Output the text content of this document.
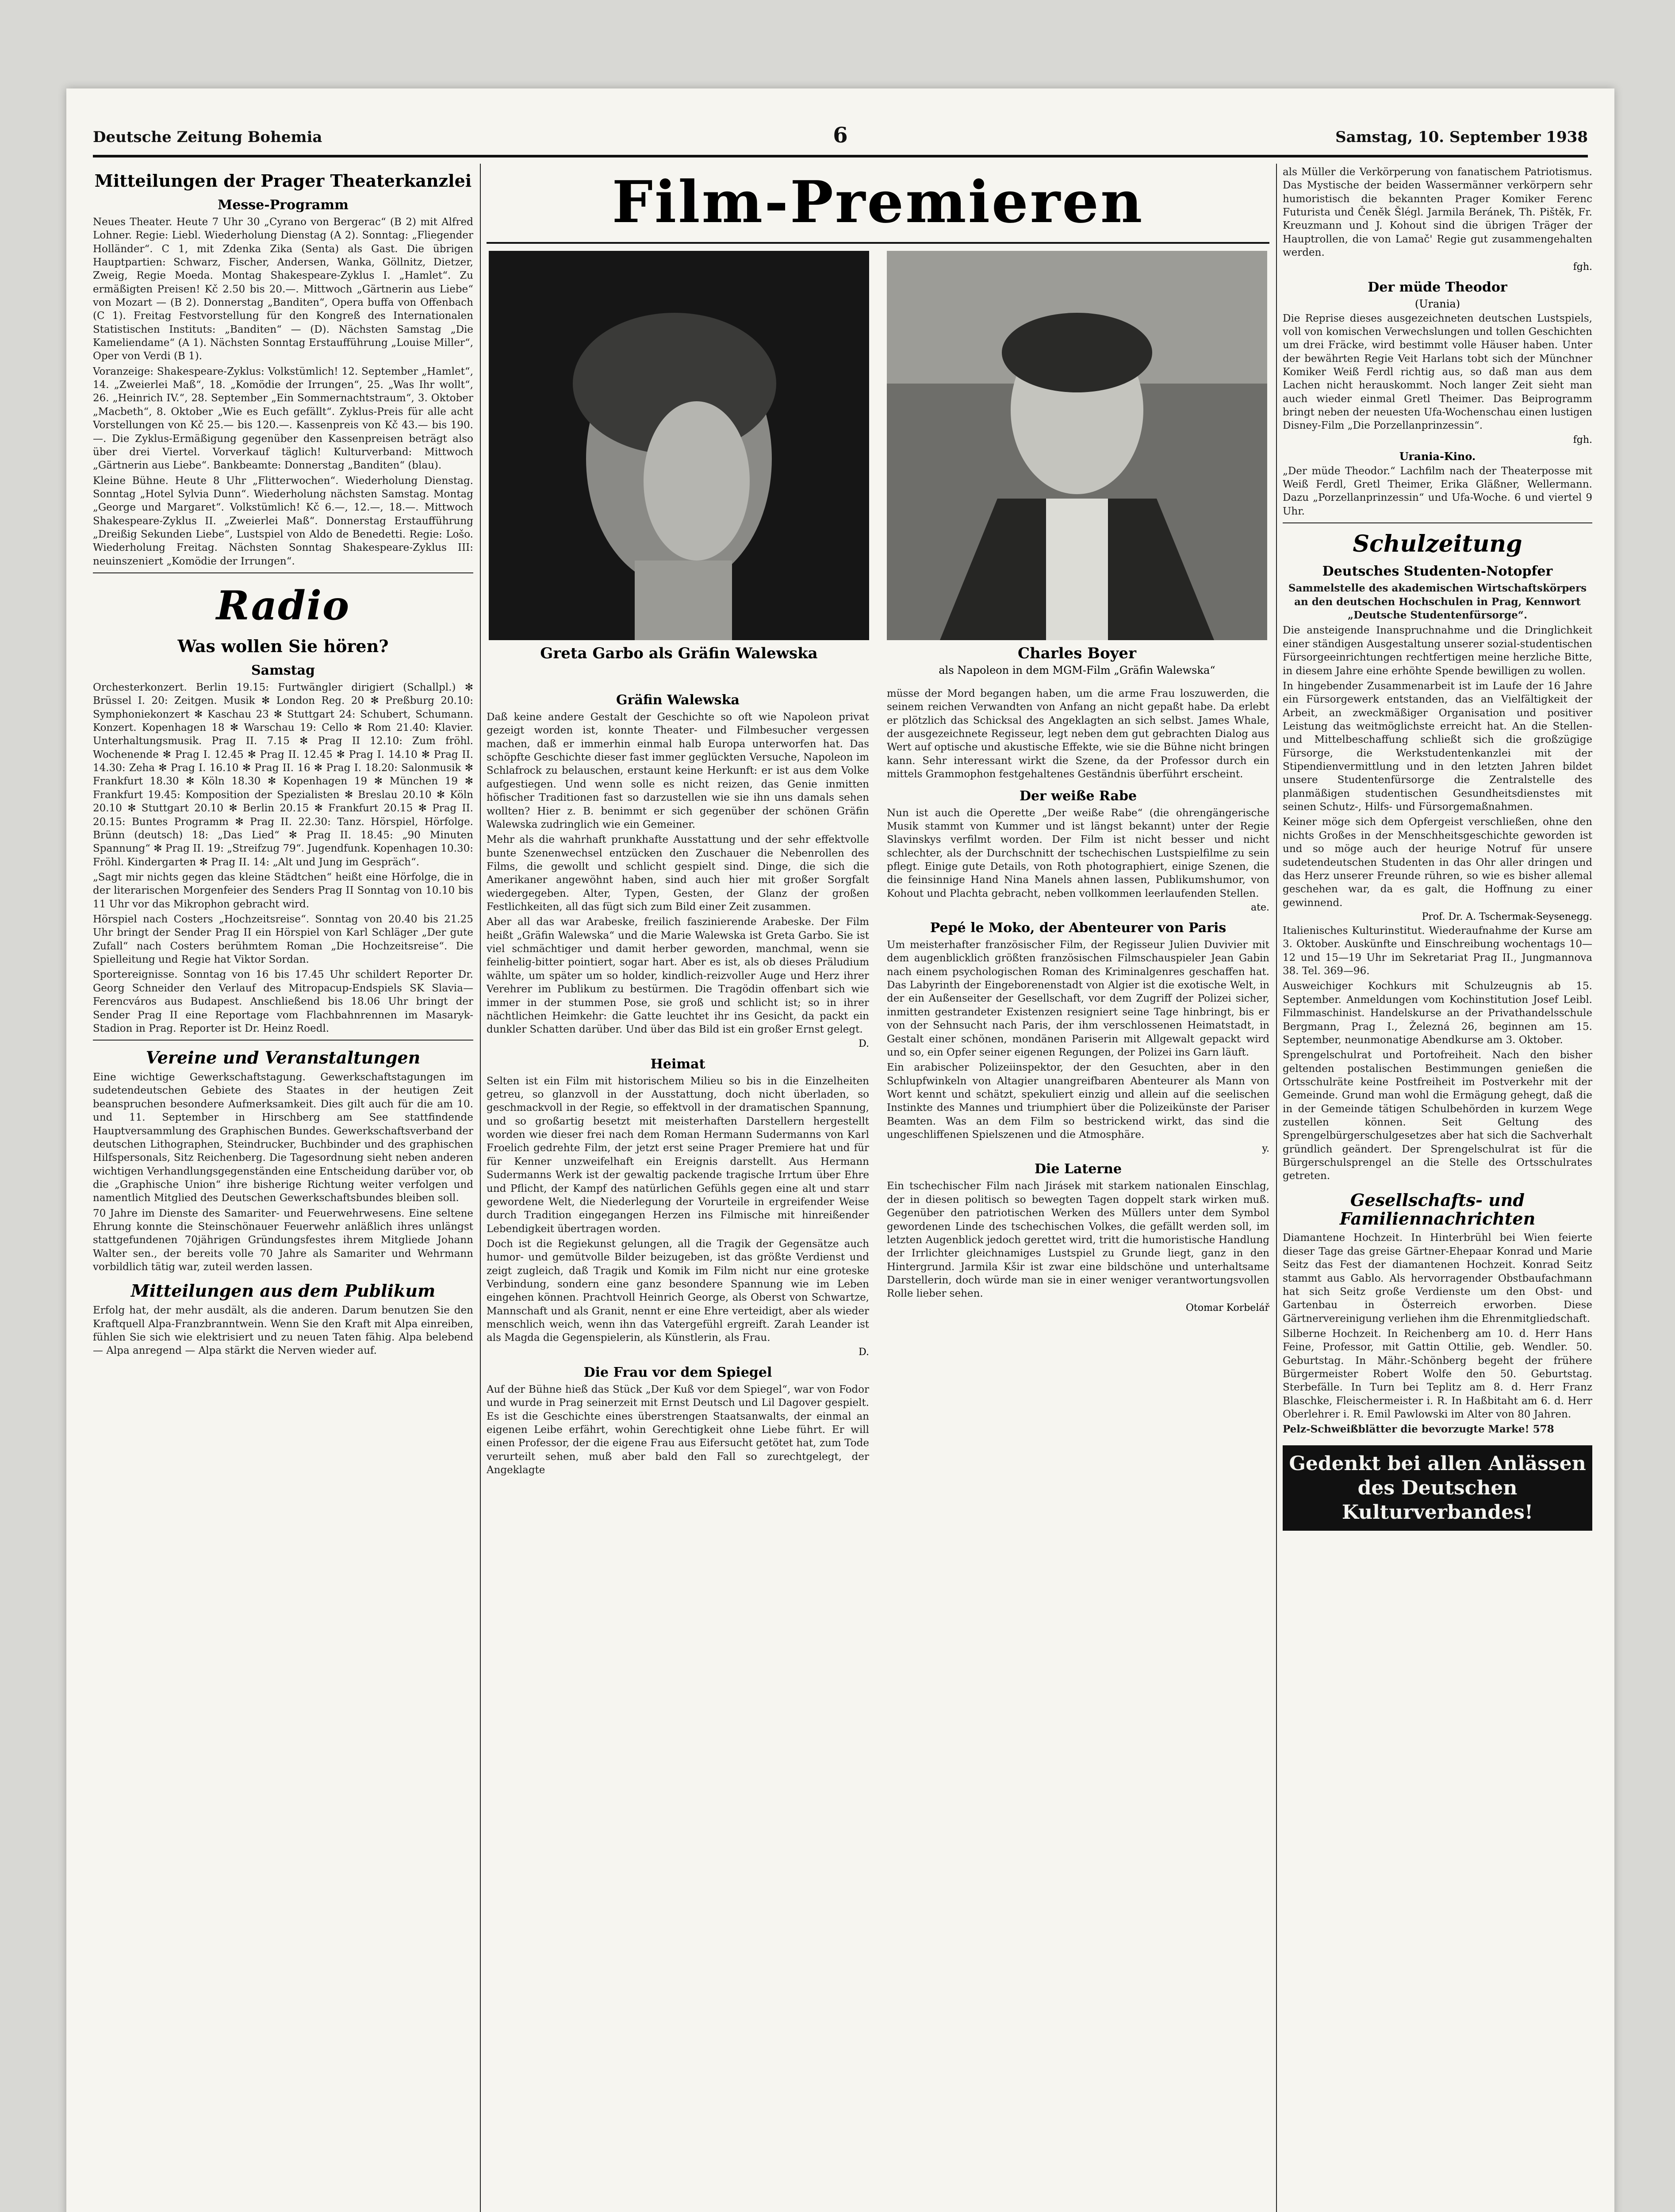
Deutsche Zeitung Bohemia	6	Samstag, 10. September 1938
Mitteilungen der Prager Theaterkanzlei
Messe-Programm

Neues Theater. Heute 7 Uhr 30 „Cyrano von Bergerac“ (B 2) mit Alfred Lohner. Regie: Liebl. Wiederholung Dienstag (A 2). Sonntag: „Fliegender Holländer“. C 1, mit Zdenka Zika (Senta) als Gast. Die übrigen Hauptpartien: Schwarz, Fischer, Andersen, Wanka, Göllnitz, Dietzer, Zweig, Regie Moeda. Montag Shakespeare-Zyklus I. „Hamlet“. Zu ermäßigten Preisen! Kč 2.50 bis 20.—. Mittwoch „Gärtnerin aus Liebe“ von Mozart — (B 2). Donnerstag „Banditen“, Opera buffa von Offenbach (C 1). Freitag Festvorstellung für den Kongreß des Internationalen Statistischen Instituts: „Banditen“ — (D). Nächsten Samstag „Die Kameliendame“ (A 1). Nächsten Sonntag Erstaufführung „Louise Miller“, Oper von Verdi (B 1).

Voranzeige: Shakespeare-Zyklus: Volkstümlich! 12. September „Hamlet“, 14. „Zweierlei Maß“, 18. „Komödie der Irrungen“, 25. „Was Ihr wollt“, 26. „Heinrich IV.“, 28. September „Ein Sommernachtstraum“, 3. Oktober „Macbeth“, 8. Oktober „Wie es Euch gefällt“. Zyklus-Preis für alle acht Vorstellungen von Kč 25.— bis 120.—. Kassenpreis von Kč 43.— bis 190.—. Die Zyklus-Ermäßigung gegenüber den Kassenpreisen beträgt also über drei Viertel. Vorverkauf täglich! Kulturverband: Mittwoch „Gärtnerin aus Liebe“. Bankbeamte: Donnerstag „Banditen“ (blau).

Kleine Bühne. Heute 8 Uhr „Flitterwochen“. Wiederholung Dienstag. Sonntag „Hotel Sylvia Dunn“. Wiederholung nächsten Samstag. Montag „George und Margaret“. Volkstümlich! Kč 6.—, 12.—, 18.—. Mittwoch Shakespeare-Zyklus II. „Zweierlei Maß“. Donnerstag Erstaufführung „Dreißig Sekunden Liebe“, Lustspiel von Aldo de Benedetti. Regie: Lošo. Wiederholung Freitag. Nächsten Sonntag Shakespeare-Zyklus III: neuinszeniert „Komödie der Irrungen“.

Radio
Was wollen Sie hören?
Samstag

Orchesterkonzert. Berlin 19.15: Furtwängler dirigiert (Schallpl.) ✻ Brüssel I. 20: Zeitgen. Musik ✻ London Reg. 20 ✻ Preßburg 20.10: Symphoniekonzert ✻ Kaschau 23 ✻ Stuttgart 24: Schubert, Schumann. Konzert. Kopenhagen 18 ✻ Warschau 19: Cello ✻ Rom 21.40: Klavier. Unterhaltungsmusik. Prag II. 7.15 ✻ Prag II 12.10: Zum fröhl. Wochenende ✻ Prag I. 12.45 ✻ Prag II. 12.45 ✻ Prag I. 14.10 ✻ Prag II. 14.30: Zeha ✻ Prag I. 16.10 ✻ Prag II. 16 ✻ Prag I. 18.20: Salonmusik ✻ Frankfurt 18.30 ✻ Köln 18.30 ✻ Kopenhagen 19 ✻ München 19 ✻ Frankfurt 19.45: Komposition der Spezialisten ✻ Breslau 20.10 ✻ Köln 20.10 ✻ Stuttgart 20.10 ✻ Berlin 20.15 ✻ Frankfurt 20.15 ✻ Prag II. 20.15: Buntes Programm ✻ Prag II. 22.30: Tanz. Hörspiel, Hörfolge. Brünn (deutsch) 18: „Das Lied“ ✻ Prag II. 18.45: „90 Minuten Spannung“ ✻ Prag II. 19: „Streifzug 79“. Jugendfunk. Kopenhagen 10.30: Fröhl. Kindergarten ✻ Prag II. 14: „Alt und Jung im Gespräch“.

„Sagt mir nichts gegen das kleine Städtchen“ heißt eine Hörfolge, die in der literarischen Morgenfeier des Senders Prag II Sonntag von 10.10 bis 11 Uhr vor das Mikrophon gebracht wird.

Hörspiel nach Costers „Hochzeitsreise“. Sonntag von 20.40 bis 21.25 Uhr bringt der Sender Prag II ein Hörspiel von Karl Schläger „Der gute Zufall“ nach Costers berühmtem Roman „Die Hochzeitsreise“. Die Spielleitung und Regie hat Viktor Sordan.

Sportereignisse. Sonntag von 16 bis 17.45 Uhr schildert Reporter Dr. Georg Schneider den Verlauf des Mitropacup-Endspiels SK Slavia—Ferencváros aus Budapest. Anschließend bis 18.06 Uhr bringt der Sender Prag II eine Reportage vom Flachbahnrennen im Masaryk-Stadion in Prag. Reporter ist Dr. Heinz Roedl.

Vereine und Veranstaltungen

Eine wichtige Gewerkschaftstagung. Gewerkschaftstagungen im sudetendeutschen Gebiete des Staates in der heutigen Zeit beanspruchen besondere Aufmerksamkeit. Dies gilt auch für die am 10. und 11. September in Hirschberg am See stattfindende Hauptversammlung des Graphischen Bundes. Gewerkschaftsverband der deutschen Lithographen, Steindrucker, Buchbinder und des graphischen Hilfspersonals, Sitz Reichenberg. Die Tagesordnung sieht neben anderen wichtigen Verhandlungsgegenständen eine Entscheidung darüber vor, ob die „Graphische Union“ ihre bisherige Richtung weiter verfolgen und namentlich Mitglied des Deutschen Gewerkschaftsbundes bleiben soll.

70 Jahre im Dienste des Samariter- und Feuerwehrwesens. Eine seltene Ehrung konnte die Steinschönauer Feuerwehr anläßlich ihres unlängst stattgefundenen 70jährigen Gründungsfestes ihrem Mitgliede Johann Walter sen., der bereits volle 70 Jahre als Samariter und Wehrmann vorbildlich tätig war, zuteil werden lassen.

Mitteilungen aus dem Publikum

Erfolg hat, der mehr ausdält, als die anderen. Darum benutzen Sie den Kraftquell Alpa-Franzbranntwein. Wenn Sie den Kraft mit Alpa einreiben, fühlen Sie sich wie elektrisiert und zu neuen Taten fähig. Alpa belebend — Alpa anregend — Alpa stärkt die Nerven wieder auf.

Film-Premieren
Greta Garbo als Gräfin Walewska	Charles Boyer
als Napoleon in dem MGM-Film „Gräfin Walewska“
Gräfin Walewska

Daß keine andere Gestalt der Geschichte so oft wie Napoleon privat gezeigt worden ist, konnte Theater- und Filmbesucher vergessen machen, daß er immerhin einmal halb Europa unterworfen hat. Das schöpfte Geschichte dieser fast immer geglückten Versuche, Napoleon im Schlafrock zu belauschen, erstaunt keine Herkunft: er ist aus dem Volke aufgestiegen. Und wenn solle es nicht reizen, das Genie inmitten höfischer Traditionen fast so darzustellen wie sie ihn uns damals sehen wollten? Hier z. B. benimmt er sich gegenüber der schönen Gräfin Walewska zudringlich wie ein Gemeiner.

Mehr als die wahrhaft prunkhafte Ausstattung und der sehr effektvolle bunte Szenenwechsel entzücken den Zuschauer die Nebenrollen des Films, die gewollt und schlicht gespielt sind. Dinge, die sich die Amerikaner angewöhnt haben, sind auch hier mit großer Sorgfalt wiedergegeben. Alter, Typen, Gesten, der Glanz der großen Festlichkeiten, all das fügt sich zum Bild einer Zeit zusammen.

Aber all das war Arabeske, freilich faszinierende Arabeske. Der Film heißt „Gräfin Walewska“ und die Marie Walewska ist Greta Garbo. Sie ist viel schmächtiger und damit herber geworden, manchmal, wenn sie feinhelig-bitter pointiert, sogar hart. Aber es ist, als ob dieses Präludium wählte, um später um so holder, kindlich-reizvoller Auge und Herz ihrer Verehrer im Publikum zu bestürmen. Die Tragödin offenbart sich wie immer in der stummen Pose, sie groß und schlicht ist; so in ihrer nächtlichen Heimkehr: die Gatte leuchtet ihr ins Gesicht, da packt ein dunkler Schatten darüber. Und über das Bild ist ein großer Ernst gelegt.

D.
Heimat

Selten ist ein Film mit historischem Milieu so bis in die Einzelheiten getreu, so glanzvoll in der Ausstattung, doch nicht überladen, so geschmackvoll in der Regie, so effektvoll in der dramatischen Spannung, und so großartig besetzt mit meisterhaften Darstellern hergestellt worden wie dieser frei nach dem Roman Hermann Sudermanns von Karl Froelich gedrehte Film, der jetzt erst seine Prager Premiere hat und für für Kenner unzweifelhaft ein Ereignis darstellt. Aus Hermann Sudermanns Werk ist der gewaltig packende tragische Irrtum über Ehre und Pflicht, der Kampf des natürlichen Gefühls gegen eine alt und starr gewordene Welt, die Niederlegung der Vorurteile in ergreifender Weise durch Tradition eingegangen Herzen ins Filmische mit hinreißender Lebendigkeit übertragen worden.

Doch ist die Regiekunst gelungen, all die Tragik der Gegensätze auch humor- und gemütvolle Bilder beizugeben, ist das größte Verdienst und zeigt zugleich, daß Tragik und Komik im Film nicht nur eine groteske Verbindung, sondern eine ganz besondere Spannung wie im Leben eingehen können. Prachtvoll Heinrich George, als Oberst von Schwartze, Mannschaft und als Granit, nennt er eine Ehre verteidigt, aber als wieder menschlich weich, wenn ihn das Vatergefühl ergreift. Zarah Leander ist als Magda die Gegenspielerin, als Künstlerin, als Frau.

D.
Die Frau vor dem Spiegel

Auf der Bühne hieß das Stück „Der Kuß vor dem Spiegel“, war von Fodor und wurde in Prag seinerzeit mit Ernst Deutsch und Lil Dagover gespielt. Es ist die Geschichte eines überstrengen Staatsanwalts, der einmal an eigenen Leibe erfährt, wohin Gerechtigkeit ohne Liebe führt. Er will einen Professor, der die eigene Frau aus Eifersucht getötet hat, zum Tode verurteilt sehen, muß aber bald den Fall so zurechtgelegt, der Angeklagte

müsse der Mord begangen haben, um die arme Frau loszuwerden, die seinem reichen Verwandten von Anfang an nicht gepaßt habe. Da erlebt er plötzlich das Schicksal des Angeklagten an sich selbst. James Whale, der ausgezeichnete Regisseur, legt neben dem gut gebrachten Dialog aus Wert auf optische und akustische Effekte, wie sie die Bühne nicht bringen kann. Sehr interessant wirkt die Szene, da der Professor durch ein mittels Grammophon festgehaltenes Geständnis überführt erscheint.

Der weiße Rabe

Nun ist auch die Operette „Der weiße Rabe“ (die ohrengängerische Musik stammt von Kummer und ist längst bekannt) unter der Regie Slavinskys verfilmt worden. Der Film ist nicht besser und nicht schlechter, als der Durchschnitt der tschechischen Lustspielfilme zu sein pflegt. Einige gute Details, von Roth photographiert, einige Szenen, die die feinsinnige Hand Nina Manels ahnen lassen, Publikumshumor, von Kohout und Plachta gebracht, neben vollkommen leerlaufenden Stellen.

ate.
Pepé le Moko, der Abenteurer von Paris

Um meisterhafter französischer Film, der Regisseur Julien Duvivier mit dem augenblicklich größten französischen Filmschauspieler Jean Gabin nach einem psychologischen Roman des Kriminalgenres geschaffen hat. Das Labyrinth der Eingeborenenstadt von Algier ist die exotische Welt, in der ein Außenseiter der Gesellschaft, vor dem Zugriff der Polizei sicher, inmitten gestrandeter Existenzen resigniert seine Tage hinbringt, bis er von der Sehnsucht nach Paris, der ihm verschlossenen Heimatstadt, in Gestalt einer schönen, mondänen Pariserin mit Allgewalt gepackt wird und so, ein Opfer seiner eigenen Regungen, der Polizei ins Garn läuft.

Ein arabischer Polizeiinspektor, der den Gesuchten, aber in den Schlupfwinkeln von Altagier unangreifbaren Abenteurer als Mann von Wort kennt und schätzt, spekuliert einzig und allein auf die seelischen Instinkte des Mannes und triumphiert über die Polizeikünste der Pariser Beamten. Was an dem Film so bestrickend wirkt, das sind die ungeschliffenen Spielszenen und die Atmosphäre.

y.
Die Laterne

Ein tschechischer Film nach Jirásek mit starkem nationalen Einschlag, der in diesen politisch so bewegten Tagen doppelt stark wirken muß. Gegenüber den patriotischen Werken des Müllers unter dem Symbol gewordenen Linde des tschechischen Volkes, die gefällt werden soll, im letzten Augenblick jedoch gerettet wird, tritt die humoristische Handlung der Irrlichter gleichnamiges Lustspiel zu Grunde liegt, ganz in den Hintergrund. Jarmila Kšir ist zwar eine bildschöne und unterhaltsame Darstellerin, doch würde man sie in einer weniger verantwortungsvollen Rolle lieber sehen.

Otomar Korbelář

als Müller die Verkörperung von fanatischem Patriotismus. Das Mystische der beiden Wassermänner verkörpern sehr humoristisch die bekannten Prager Komiker Ferenc Futurista und Čeněk Šlégl. Jarmila Beránek, Th. Pištěk, Fr. Kreuzmann und J. Kohout sind die übrigen Träger der Hauptrollen, die von Lamač' Regie gut zusammengehalten werden.

fgh.
Der müde Theodor
(Urania)

Die Reprise dieses ausgezeichneten deutschen Lustspiels, voll von komischen Verwechslungen und tollen Geschichten um drei Fräcke, wird bestimmt volle Häuser haben. Unter der bewährten Regie Veit Harlans tobt sich der Münchner Komiker Weiß Ferdl richtig aus, so daß man aus dem Lachen nicht herauskommt. Noch langer Zeit sieht man auch wieder einmal Gretl Theimer. Das Beiprogramm bringt neben der neuesten Ufa-Wochenschau einen lustigen Disney-Film „Die Porzellanprinzessin“.

fgh.
Urania-Kino.

„Der müde Theodor.“ Lachfilm nach der Theaterposse mit Weiß Ferdl, Gretl Theimer, Erika Gläßner, Wellermann. Dazu „Porzellanprinzessin“ und Ufa-Woche. 6 und viertel 9 Uhr.

Schulzeitung
Deutsches Studenten-Notopfer

Sammelstelle des akademischen Wirtschaftskörpers an den deutschen Hochschulen in Prag, Kennwort „Deutsche Studentenfürsorge“.

Die ansteigende Inanspruchnahme und die Dringlichkeit einer ständigen Ausgestaltung unserer sozial-studentischen Fürsorgeeinrichtungen rechtfertigen meine herzliche Bitte, in diesem Jahre eine erhöhte Spende bewilligen zu wollen.

In hingebender Zusammenarbeit ist im Laufe der 16 Jahre ein Fürsorgewerk entstanden, das an Vielfältigkeit der Arbeit, an zweckmäßiger Organisation und positiver Leistung das weitmöglichste erreicht hat. An die Stellen- und Mittelbeschaffung schließt sich die großzügige Fürsorge, die Werkstudentenkanzlei mit der Stipendienvermittlung und in den letzten Jahren bildet unsere Studentenfürsorge die Zentralstelle des planmäßigen studentischen Gesundheitsdienstes mit seinen Schutz-, Hilfs- und Fürsorgemaßnahmen.

Keiner möge sich dem Opfergeist verschließen, ohne den nichts Großes in der Menschheitsgeschichte geworden ist und so möge auch der heurige Notruf für unsere sudetendeutschen Studenten in das Ohr aller dringen und das Herz unserer Freunde rühren, so wie es bisher allemal geschehen war, da es galt, die Hoffnung zu einer gewinnend.

Prof. Dr. A. Tschermak-Seysenegg.

Italienisches Kulturinstitut. Wiederaufnahme der Kurse am 3. Oktober. Auskünfte und Einschreibung wochentags 10—12 und 15—19 Uhr im Sekretariat Prag II., Jungmannova 38. Tel. 369—96.

Ausweichiger Kochkurs mit Schulzeugnis ab 15. September. Anmeldungen vom Kochinstitution Josef Leibl. Filmmaschinist. Handelskurse an der Privathandelsschule Bergmann, Prag I., Železná 26, beginnen am 15. September, neunmonatige Abendkurse am 3. Oktober.

Sprengelschulrat und Portofreiheit. Nach den bisher geltenden postalischen Bestimmungen genießen die Ortsschulräte keine Postfreiheit im Postverkehr mit der Gemeinde. Grund man wohl die Ermägung gehegt, daß die in der Gemeinde tätigen Schulbehörden in kurzem Wege zustellen können. Seit Geltung des Sprengelbürgerschulgesetzes aber hat sich die Sachverhalt gründlich geändert. Der Sprengelschulrat ist für die Bürgerschulsprengel an die Stelle des Ortsschulrates getreten.

Gesellschafts- und Familiennachrichten

Diamantene Hochzeit. In Hinterbrühl bei Wien feierte dieser Tage das greise Gärtner-Ehepaar Konrad und Marie Seitz das Fest der diamantenen Hochzeit. Konrad Seitz stammt aus Gablo. Als hervorragender Obstbaufachmann hat sich Seitz große Verdienste um den Obst- und Gartenbau in Österreich erworben. Diese Gärtnervereinigung verliehen ihm die Ehrenmitgliedschaft.

Silberne Hochzeit. In Reichenberg am 10. d. Herr Hans Feine, Professor, mit Gattin Ottilie, geb. Wendler. 50. Geburtstag. In Mähr.-Schönberg begeht der frühere Bürgermeister Robert Wolfe den 50. Geburtstag. Sterbefälle. In Turn bei Teplitz am 8. d. Herr Franz Blaschke, Fleischermeister i. R. In Haßbitaht am 6. d. Herr Oberlehrer i. R. Emil Pawlowski im Alter von 80 Jahren.

Pelz-Schweißblätter die bevorzugte Marke! 578

Gedenkt bei allen Anlässen des Deutschen Kulturverbandes!
